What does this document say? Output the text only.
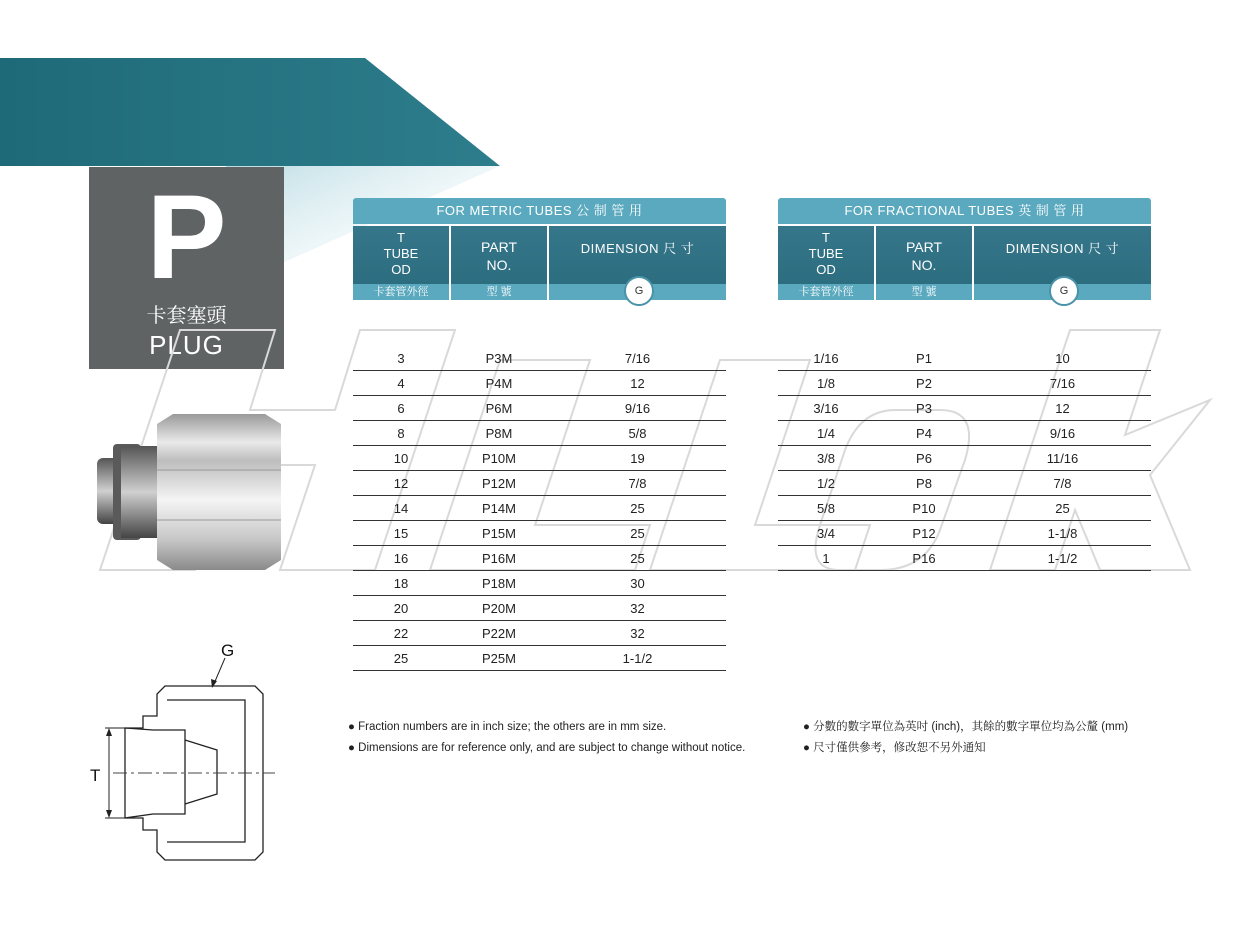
P
卡套塞頭
PLUG
G
T
FOR METRIC TUBES 公 制 管 用
T
TUBE
OD
PART
NO.
DIMENSION 尺 寸
卡套管外徑	型 號	G
3	P3M	7/16
4	P4M	12
6	P6M	9/16
8	P8M	5/8
10	P10M	19
12	P12M	7/8
14	P14M	25
15	P15M	25
16	P16M	25
18	P18M	30
20	P20M	32
22	P22M	32
25	P25M	1-1/2
FOR FRACTIONAL TUBES 英 制 管 用
T
TUBE
OD
PART
NO.
DIMENSION 尺 寸
卡套管外徑	型 號	G
1/16	P1	10
1/8	P2	7/16
3/16	P3	12
1/4	P4	9/16
3/8	P6	11/16
1/2	P8	7/8
5/8	P10	25
3/4	P12	1-1/8
1	P16	1-1/2
● Fraction numbers are in inch size; the others are in mm size.
● Dimensions are for reference only, and are subject to change without notice.
● 分數的數字單位為英吋 (inch)，其餘的數字單位均為公釐 (mm)
● 尺寸僅供參考，修改恕不另外通知
